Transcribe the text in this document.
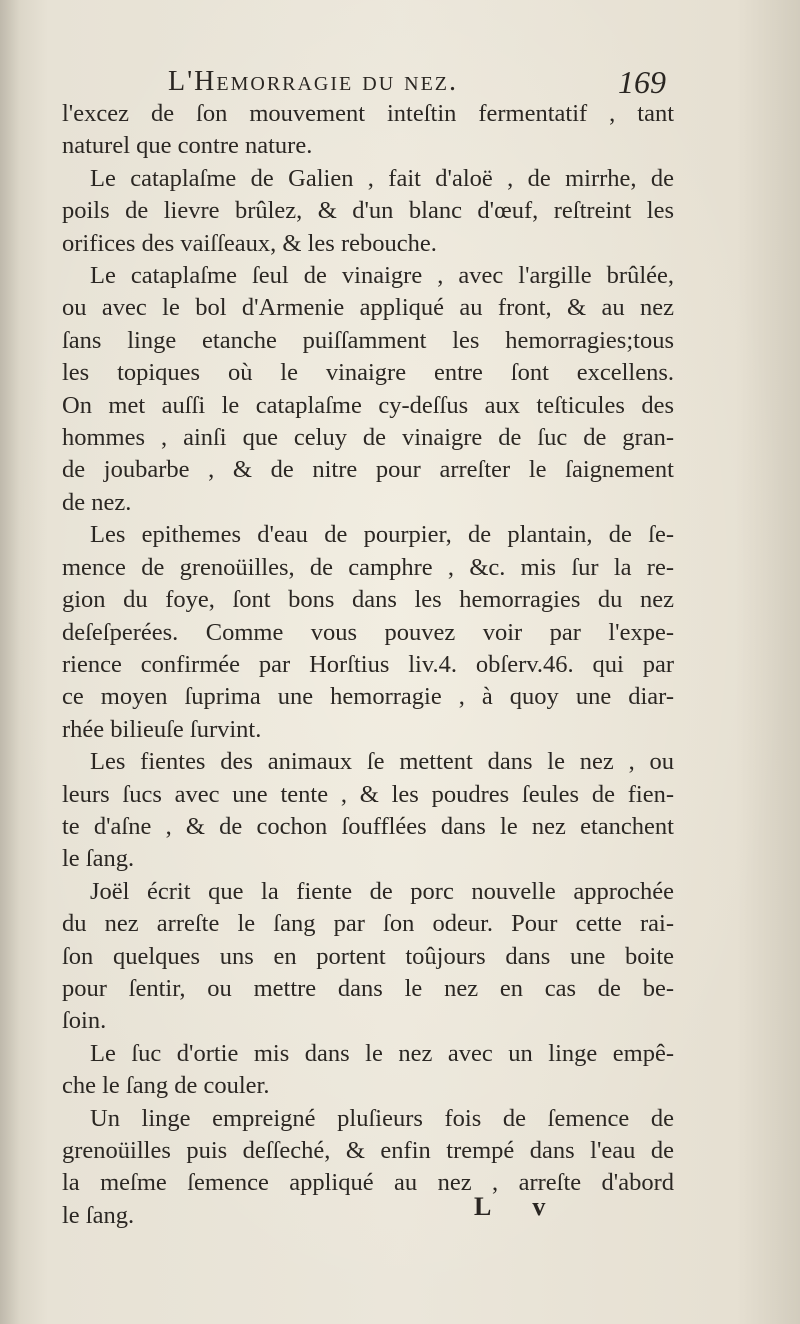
L'Hemorragie du nez.	169
l'excez de ſon mouvement inteſtin fermentatif , tant
naturel que contre nature.
Le cataplaſme de Galien , fait d'aloë , de mirrhe, de
poils de lievre brûlez, & d'un blanc d'œuf, reſtreint les
orifices des vaiſſeaux, & les rebouche.
Le cataplaſme ſeul de vinaigre , avec l'argille brûlée,
ou avec le bol d'Armenie appliqué au front, & au nez
ſans linge etanche puiſſamment les hemorragies;tous
les topiques où le vinaigre entre ſont excellens.
On met auſſi le cataplaſme cy-deſſus aux teſticules des
hommes , ainſi que celuy de vinaigre de ſuc de gran-
de joubarbe , & de nitre pour arreſter le ſaignement
de nez.
Les epithemes d'eau de pourpier, de plantain, de ſe-
mence de grenoüilles, de camphre , &c. mis ſur la re-
gion du foye, ſont bons dans les hemorragies du nez
deſeſperées. Comme vous pouvez voir par l'expe-
rience confirmée par Horſtius liv.4. obſerv.46. qui par
ce moyen ſuprima une hemorragie , à quoy une diar-
rhée bilieuſe ſurvint.
Les fientes des animaux ſe mettent dans le nez , ou
leurs ſucs avec une tente , & les poudres ſeules de fien-
te d'aſne , & de cochon ſoufflées dans le nez etanchent
le ſang.
Joël écrit que la fiente de porc nouvelle approchée
du nez arreſte le ſang par ſon odeur. Pour cette rai-
ſon quelques uns en portent toûjours dans une boite
pour ſentir, ou mettre dans le nez en cas de be-
ſoin.
Le ſuc d'ortie mis dans le nez avec un linge empê-
che le ſang de couler.
Un linge empreigné pluſieurs fois de ſemence de
grenoüilles puis deſſeché, & enfin trempé dans l'eau de
la meſme ſemence appliqué au nez , arreſte d'abord
le ſang.	L v
